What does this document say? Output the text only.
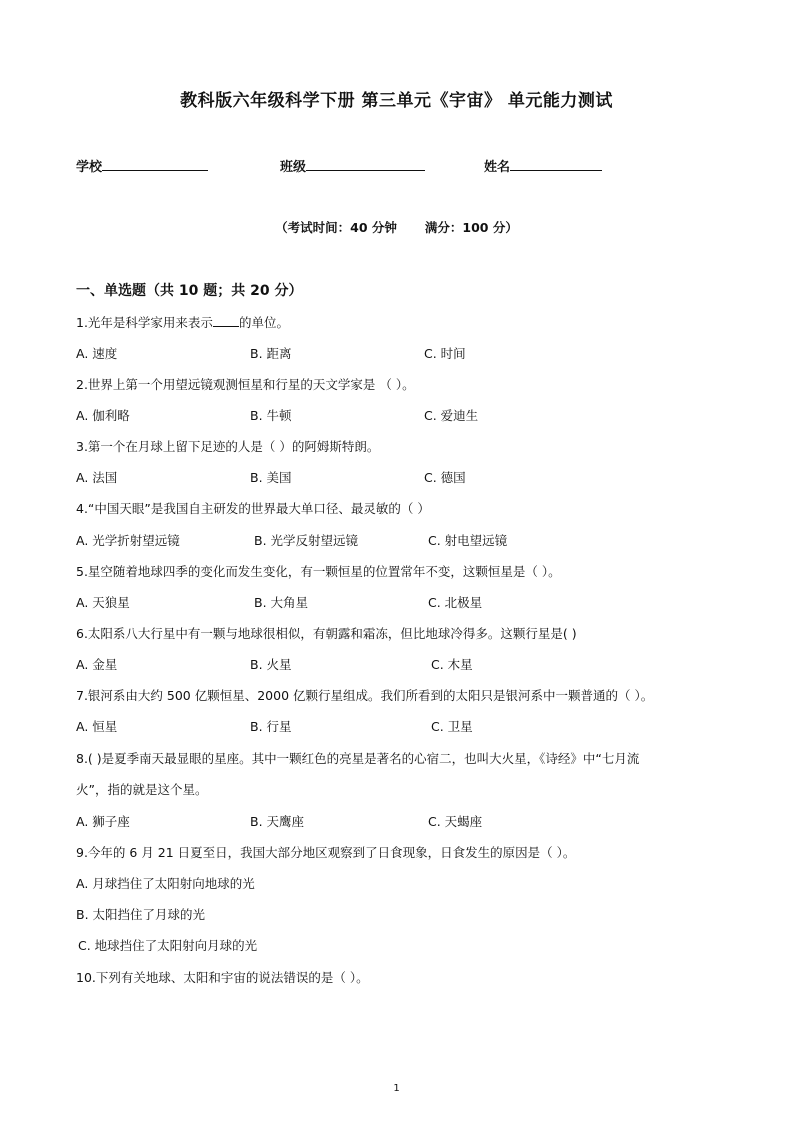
教科版六年级科学下册 第三单元《宇宙》 单元能力测试
学校	班级	姓名
（考试时间：40 分钟 满分：100 分）
一、单选题（共 10 题；共 20 分）
1.光年是科学家用来表示 的单位。
A. 速度	B. 距离	C. 时间
2.世界上第一个用望远镜观测恒星和行星的天文学家是 （ ）。
A. 伽利略	B. 牛顿	C. 爱迪生
3.第一个在月球上留下足迹的人是（ ）的阿姆斯特朗。
A. 法国	B. 美国	C. 德国
4.“中国天眼”是我国自主研发的世界最大单口径、最灵敏的（ ）
A. 光学折射望远镜	B. 光学反射望远镜	C. 射电望远镜
5.星空随着地球四季的变化而发生变化，有一颗恒星的位置常年不变，这颗恒星是（ ）。
A. 天狼星	B. 大角星	C. 北极星
6.太阳系八大行星中有一颗与地球很相似，有朝露和霜冻，但比地球冷得多。这颗行星是( )
A. 金星	B. 火星	C. 木星
7.银河系由大约 500 亿颗恒星、2000 亿颗行星组成。我们所看到的太阳只是银河系中一颗普通的（ ）。
A. 恒星	B. 行星	C. 卫星
8.( )是夏季南天最显眼的星座。其中一颗红色的亮星是著名的心宿二，也叫大火星，《诗经》中“七月流
火”，指的就是这个星。
A. 狮子座	B. 天鹰座	C. 天蝎座
9.今年的 6 月 21 日夏至日，我国大部分地区观察到了日食现象，日食发生的原因是（ ）。
A. 月球挡住了太阳射向地球的光
B. 太阳挡住了月球的光
C. 地球挡住了太阳射向月球的光
10.下列有关地球、太阳和宇宙的说法错误的是（ ）。
1
